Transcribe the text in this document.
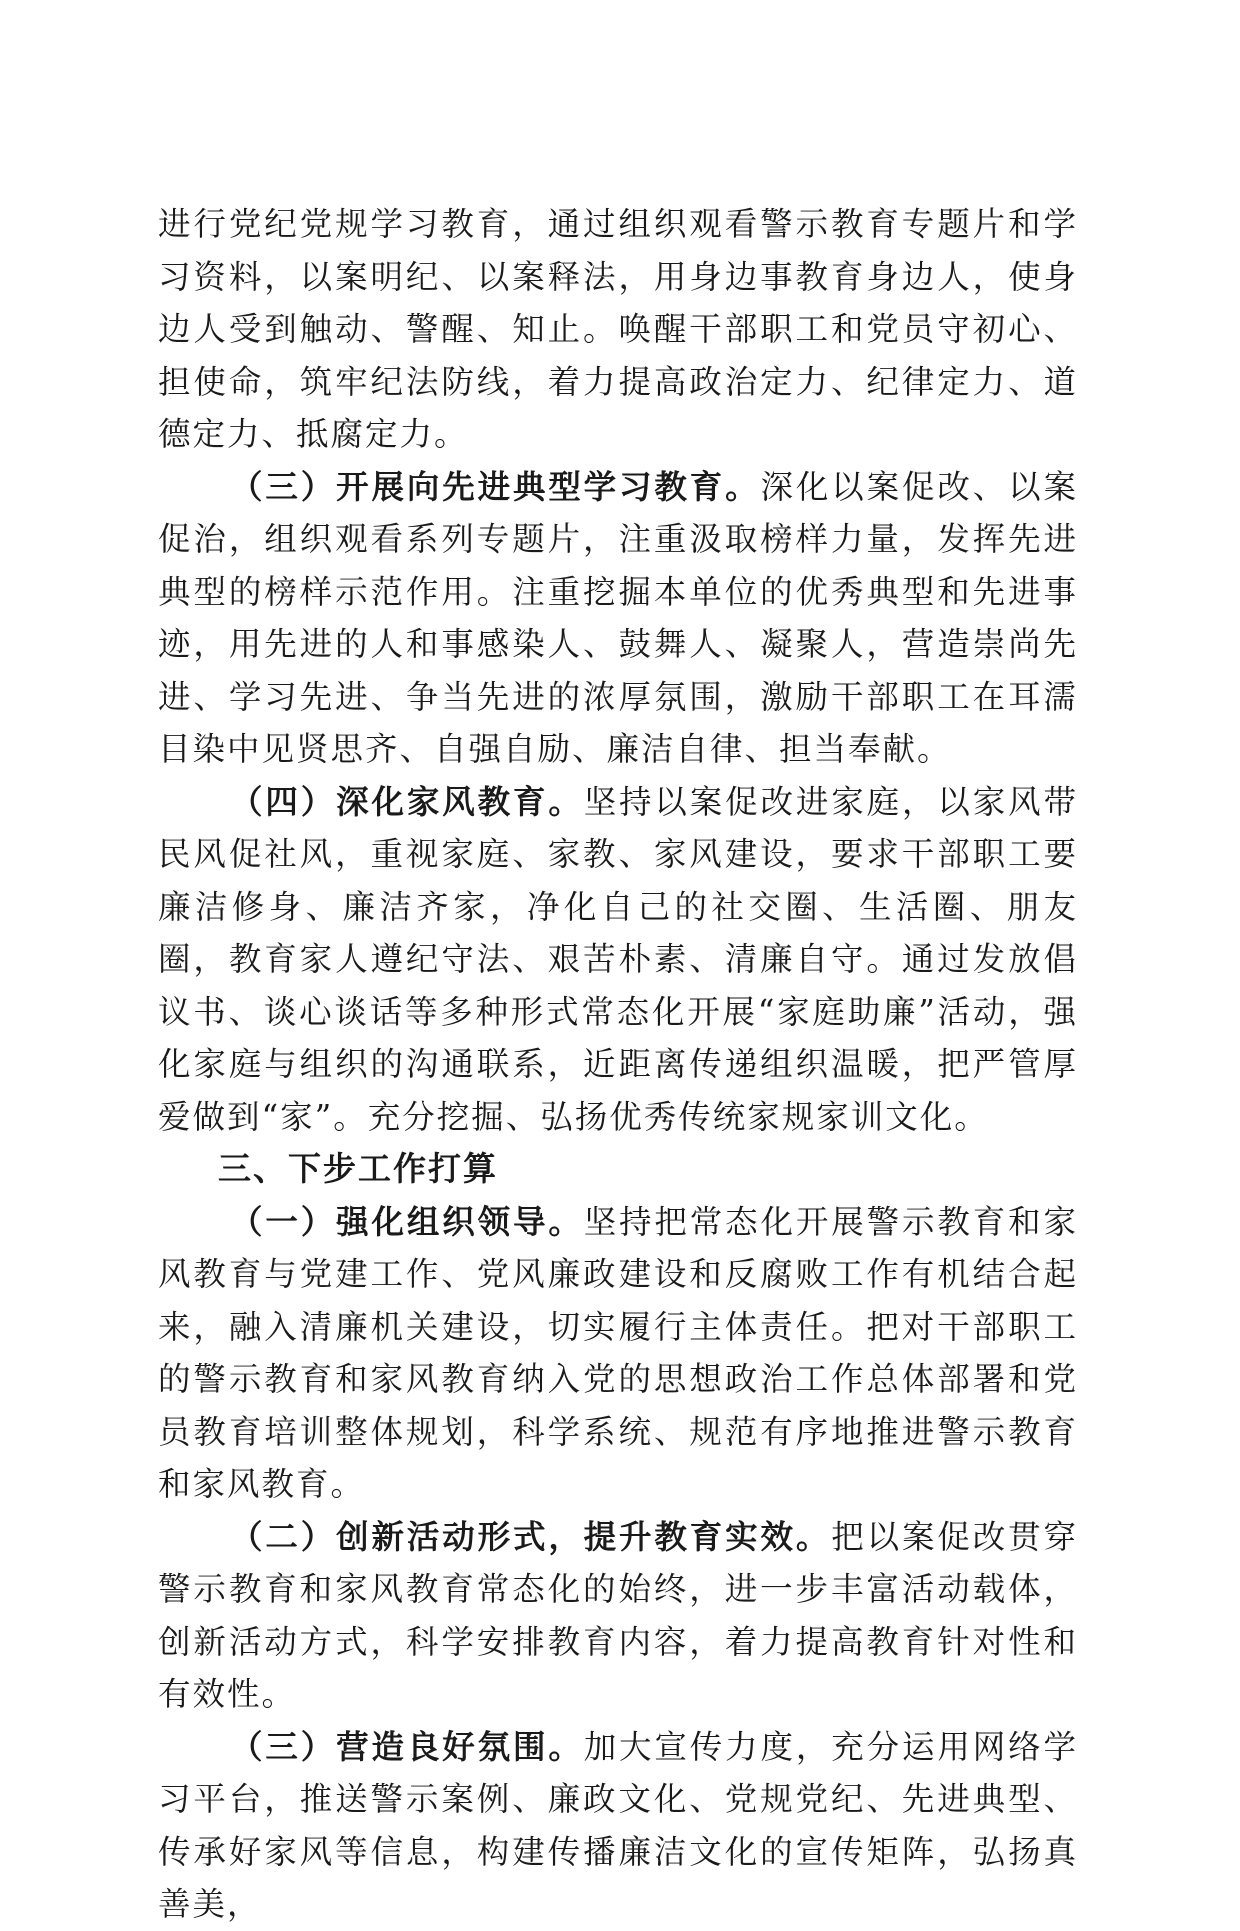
进行党纪党规学习教育，通过组织观看警示教育专题片和学习资料，以案明纪、以案释法，用身边事教育身边人，使身边人受到触动、警醒、知止。唤醒干部职工和党员守初心、担使命，筑牢纪法防线，着力提高政治定力、纪律定力、道德定力、抵腐定力。

（三）开展向先进典型学习教育。深化以案促改、以案促治，组织观看系列专题片，注重汲取榜样力量，发挥先进典型的榜样示范作用。注重挖掘本单位的优秀典型和先进事迹，用先进的人和事感染人、鼓舞人、凝聚人，营造崇尚先进、学习先进、争当先进的浓厚氛围，激励干部职工在耳濡目染中见贤思齐、自强自励、廉洁自律、担当奉献。

（四）深化家风教育。坚持以案促改进家庭，以家风带民风促社风，重视家庭、家教、家风建设，要求干部职工要廉洁修身、廉洁齐家，净化自己的社交圈、生活圈、朋友圈，教育家人遵纪守法、艰苦朴素、清廉自守。通过发放倡议书、谈心谈话等多种形式常态化开展“家庭助廉”活动，强化家庭与组织的沟通联系，近距离传递组织温暖，把严管厚爱做到“家”。充分挖掘、弘扬优秀传统家规家训文化。

三、下步工作打算

（一）强化组织领导。坚持把常态化开展警示教育和家风教育与党建工作、党风廉政建设和反腐败工作有机结合起来，融入清廉机关建设，切实履行主体责任。把对干部职工的警示教育和家风教育纳入党的思想政治工作总体部署和党员教育培训整体规划，科学系统、规范有序地推进警示教育和家风教育。

（二）创新活动形式，提升教育实效。把以案促改贯穿警示教育和家风教育常态化的始终，进一步丰富活动载体，创新活动方式，科学安排教育内容，着力提高教育针对性和有效性。

（三）营造良好氛围。加大宣传力度，充分运用网络学习平台，推送警示案例、廉政文化、党规党纪、先进典型、传承好家风等信息，构建传播廉洁文化的宣传矩阵，弘扬真善美，
